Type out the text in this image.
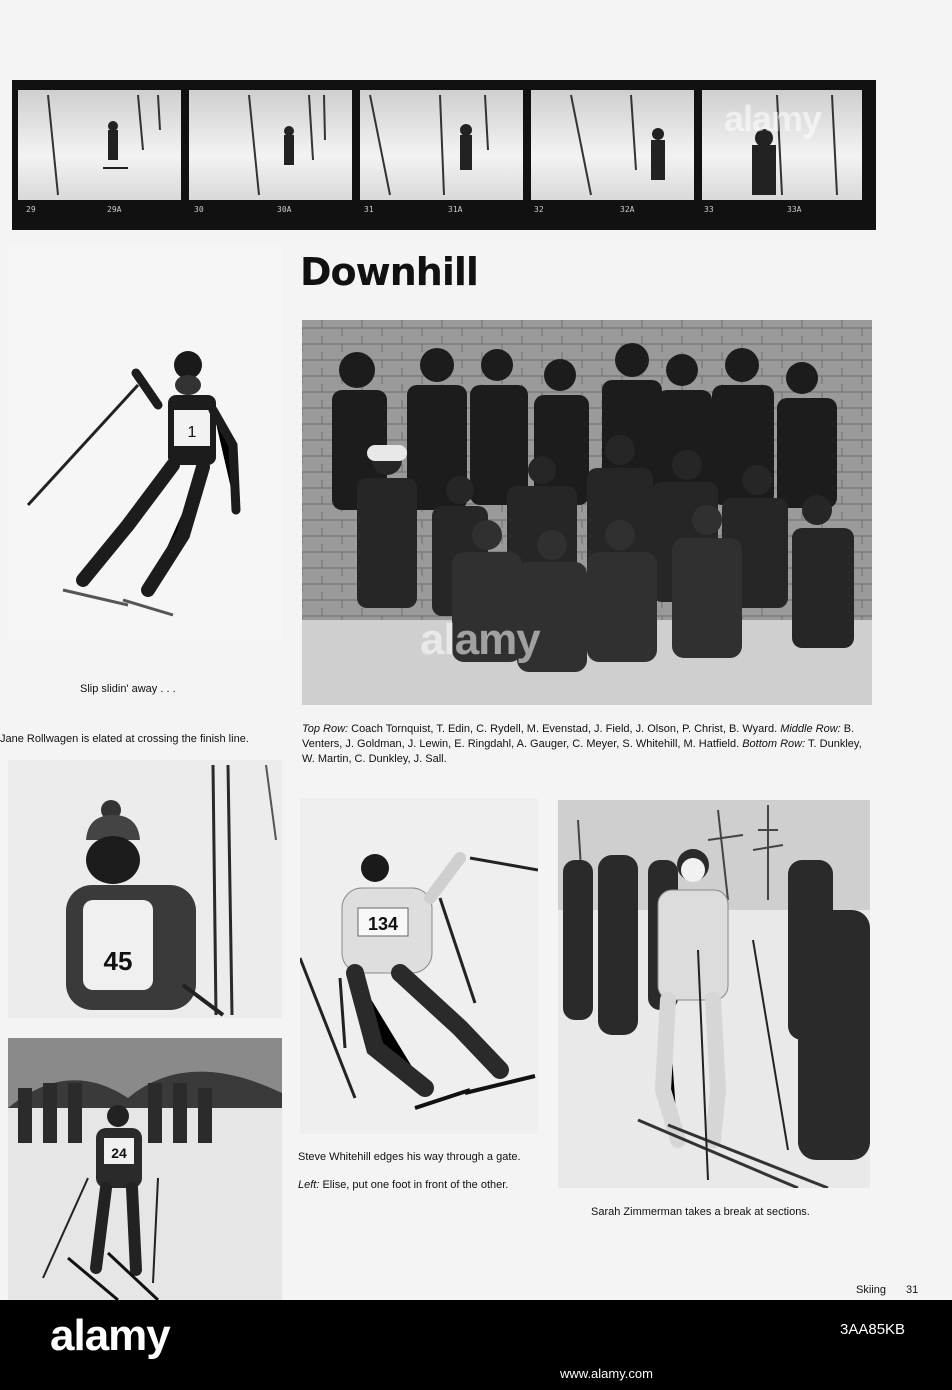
29	29A	30	30A	31	31A	32	32A	33	33A
alamy
Downhill
1

Slip slidin' away . . .

Jane Rollwagen is elated at crossing the finish line.

alamy

Top Row: Coach Tornquist, T. Edin, C. Rydell, M. Evenstad, J. Field, J. Olson, P. Christ, B. Wyard. Middle Row: B. Venters, J. Goldman, J. Lewin, E. Ringdahl, A. Gauger, C. Meyer, S. Whitehill, M. Hatfield. Bottom Row: T. Dunkley, W. Martin, C. Dunkley, J. Sall.

45
24
134

Steve Whitehill edges his way through a gate.

Left: Elise, put one foot in front of the other.

Sarah Zimmerman takes a break at sections.

Skiing 31
alamy	3AA85KB
www.alamy.com
